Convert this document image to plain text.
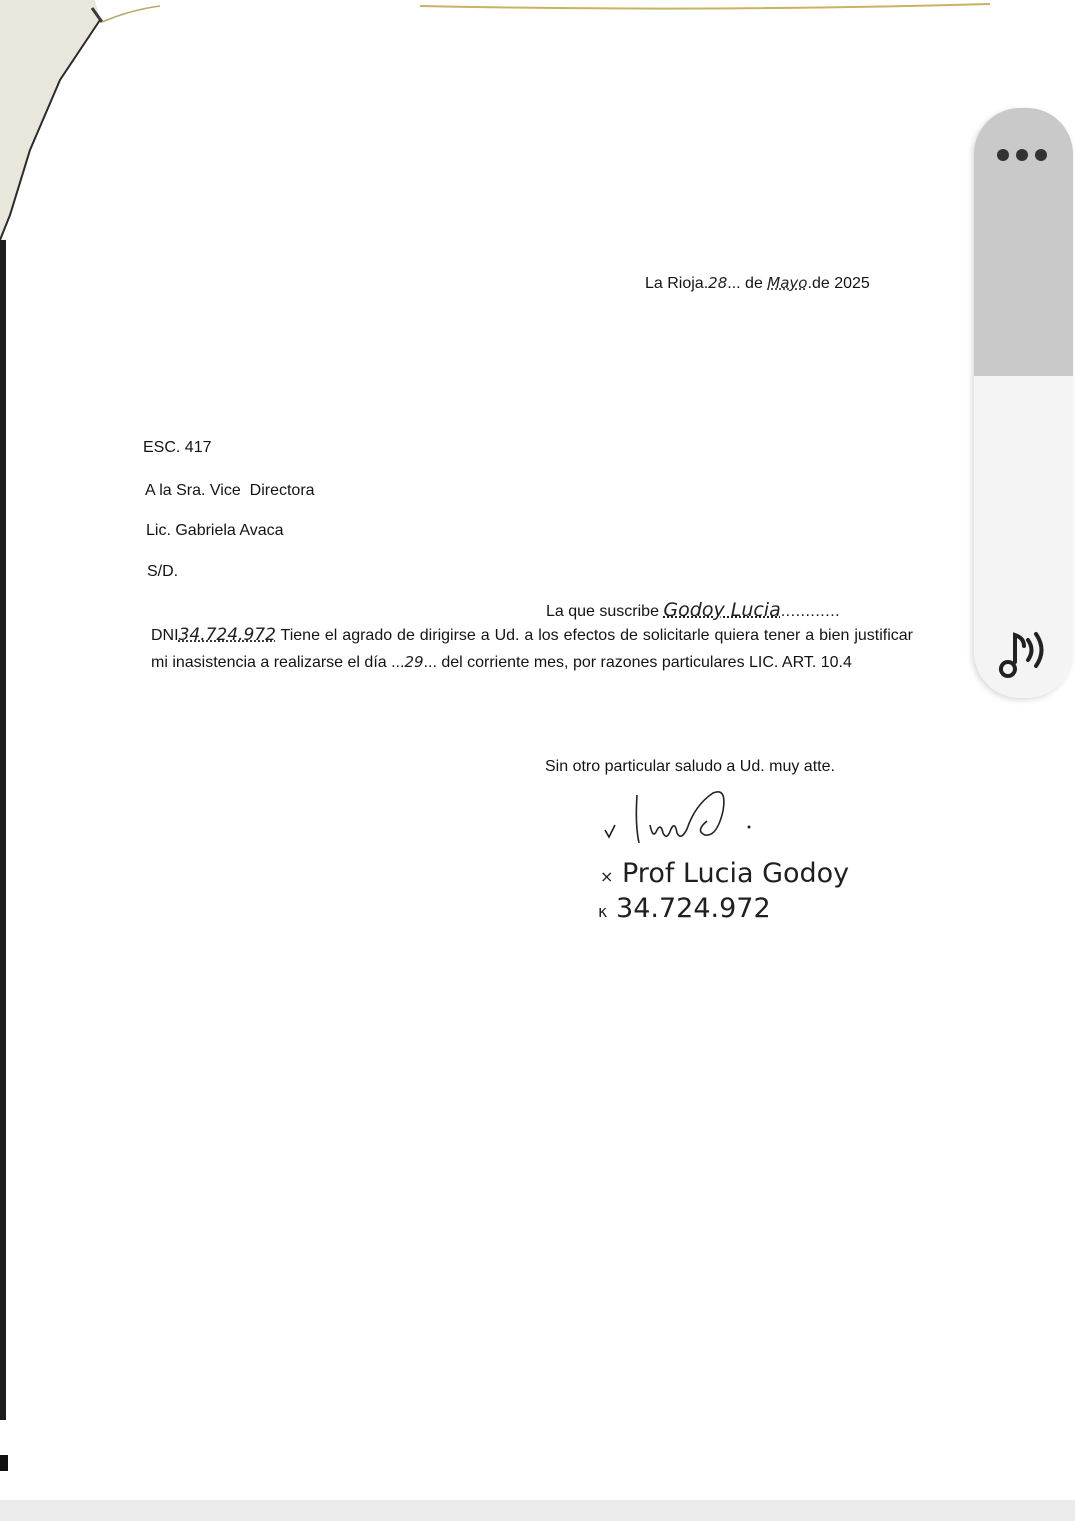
La Rioja.28... de Mayo.de 2025
ESC. 417
A la Sra. Vice  Directora
Lic. Gabriela Avaca
S/D.
La que suscribe Godoy Lucia............
DNI34.724.972 Tiene el agrado de dirigirse a Ud. a los efectos de solicitarle quiera tener a bien justificar mi inasistencia a realizarse el día ...29... del corriente mes, por razones particulares LIC. ART. 10.4
Sin otro particular saludo a Ud. muy atte.
× Prof Lucia Godoy
κ 34.724.972
